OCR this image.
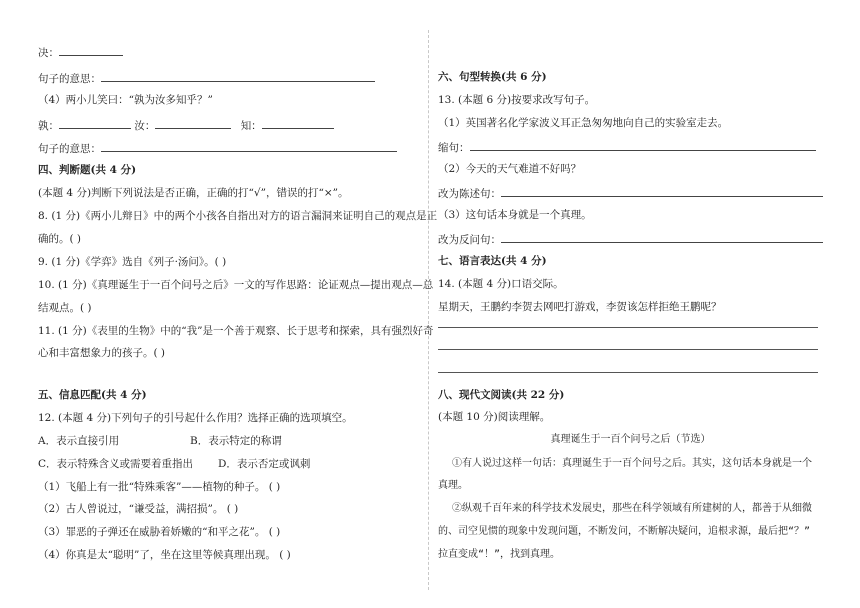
决：
句子的意思：
（4）两小儿笑曰：“孰为汝多知乎？”
孰：	汝：	知：
句子的意思：
四、判断题(共 4 分)
(本题 4 分)判断下列说法是否正确，正确的打“√”，错误的打“×”。
8. (1 分)《两小儿辩日》中的两个小孩各自指出对方的语言漏洞来证明自己的观点是正
确的。( )
9. (1 分)《学弈》选自《列子·汤问》。( )
10. (1 分)《真理诞生于一百个问号之后》一文的写作思路：论证观点—提出观点—总
结观点。( )
11. (1 分)《表里的生物》中的“我”是一个善于观察、长于思考和探索，具有强烈好奇
心和丰富想象力的孩子。( )
五、信息匹配(共 4 分)
12. (本题 4 分)下列句子的引号起什么作用？选择正确的选项填空。
A．表示直接引用	B．表示特定的称谓
C．表示特殊含义或需要着重指出 D．表示否定或讽刺
（1）飞船上有一批“特殊乘客”——植物的种子。 ( )
（2）古人曾说过，“谦受益，满招损”。 ( )
（3）罪恶的子弹还在威胁着娇嫩的“和平之花”。 ( )
（4）你真是太“聪明”了，坐在这里等候真理出现。 ( )
六、句型转换(共 6 分)
13. (本题 6 分)按要求改写句子。
（1）英国著名化学家波义耳正急匆匆地向自己的实验室走去。
缩句：
（2）今天的天气难道不好吗？
改为陈述句：
（3）这句话本身就是一个真理。
改为反问句：
七、语言表达(共 4 分)
14. (本题 4 分)口语交际。
星期天，王鹏约李贺去网吧打游戏，李贺该怎样拒绝王鹏呢？
八、现代文阅读(共 22 分)
(本题 10 分)阅读理解。
真理诞生于一百个问号之后（节选）
①有人说过这样一句话：真理诞生于一百个问号之后。其实，这句话本身就是一个
真理。
②纵观千百年来的科学技术发展史，那些在科学领域有所建树的人，都善于从细微
的、司空见惯的现象中发现问题，不断发问，不断解决疑问，追根求源，最后把“？”
拉直变成“！”，找到真理。
